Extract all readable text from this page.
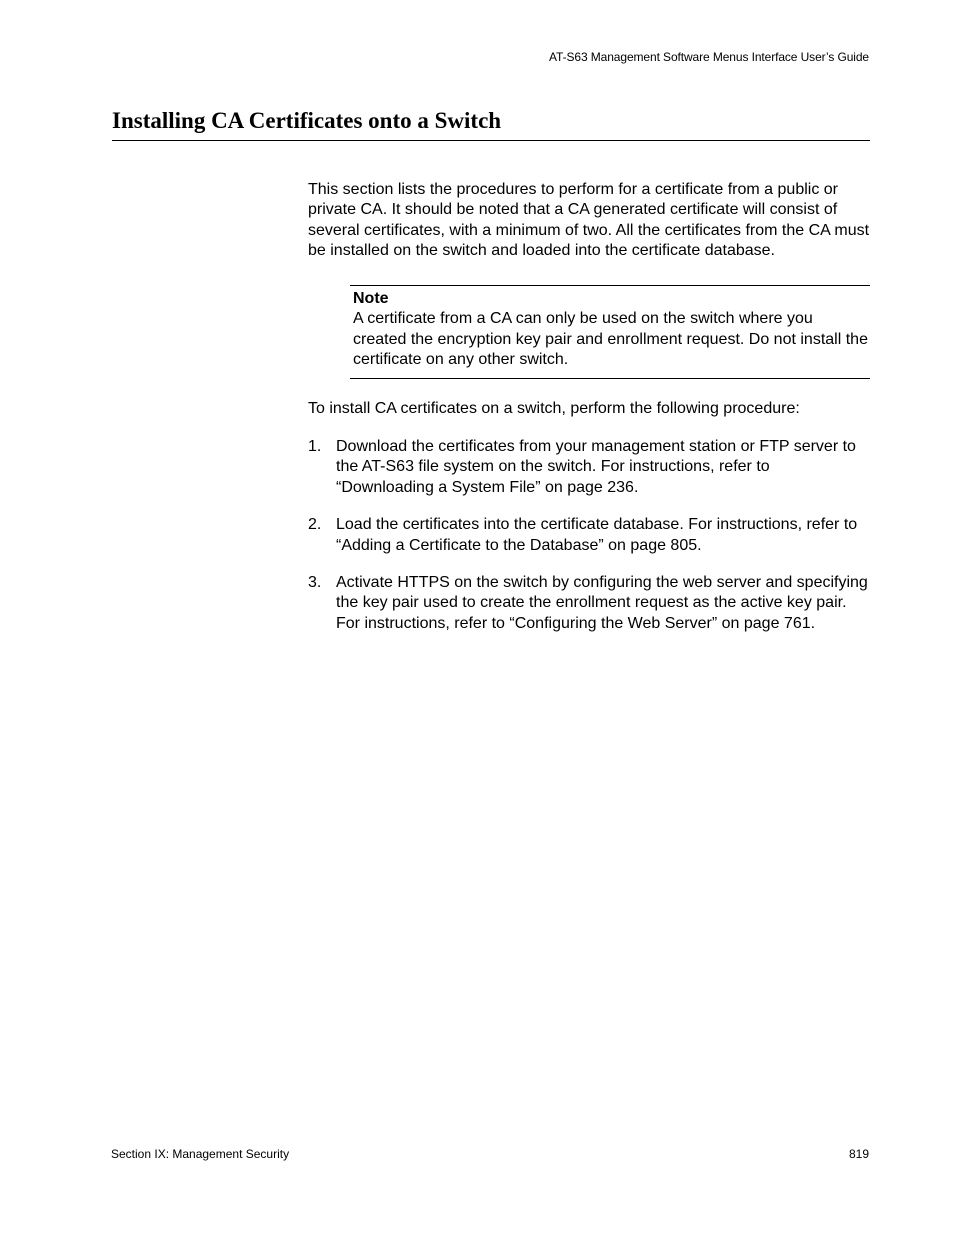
AT-S63 Management Software Menus Interface User’s Guide
Installing CA Certificates onto a Switch

This section lists the procedures to perform for a certificate from a public or private CA. It should be noted that a CA generated certificate will consist of several certificates, with a minimum of two. All the certificates from the CA must be installed on the switch and loaded into the certificate database.

Note
A certificate from a CA can only be used on the switch where you created the encryption key pair and enrollment request. Do not install the certificate on any other switch.

To install CA certificates on a switch, perform the following procedure:

1. Download the certificates from your management station or FTP server to the AT-S63 file system on the switch. For instructions, refer to “Downloading a System File” on page 236.
2. Load the certificates into the certificate database. For instructions, refer to “Adding a Certificate to the Database” on page 805.
3. Activate HTTPS on the switch by configuring the web server and specifying the key pair used to create the enrollment request as the active key pair. For instructions, refer to “Configuring the Web Server” on page 761.
Section IX: Management Security	819
